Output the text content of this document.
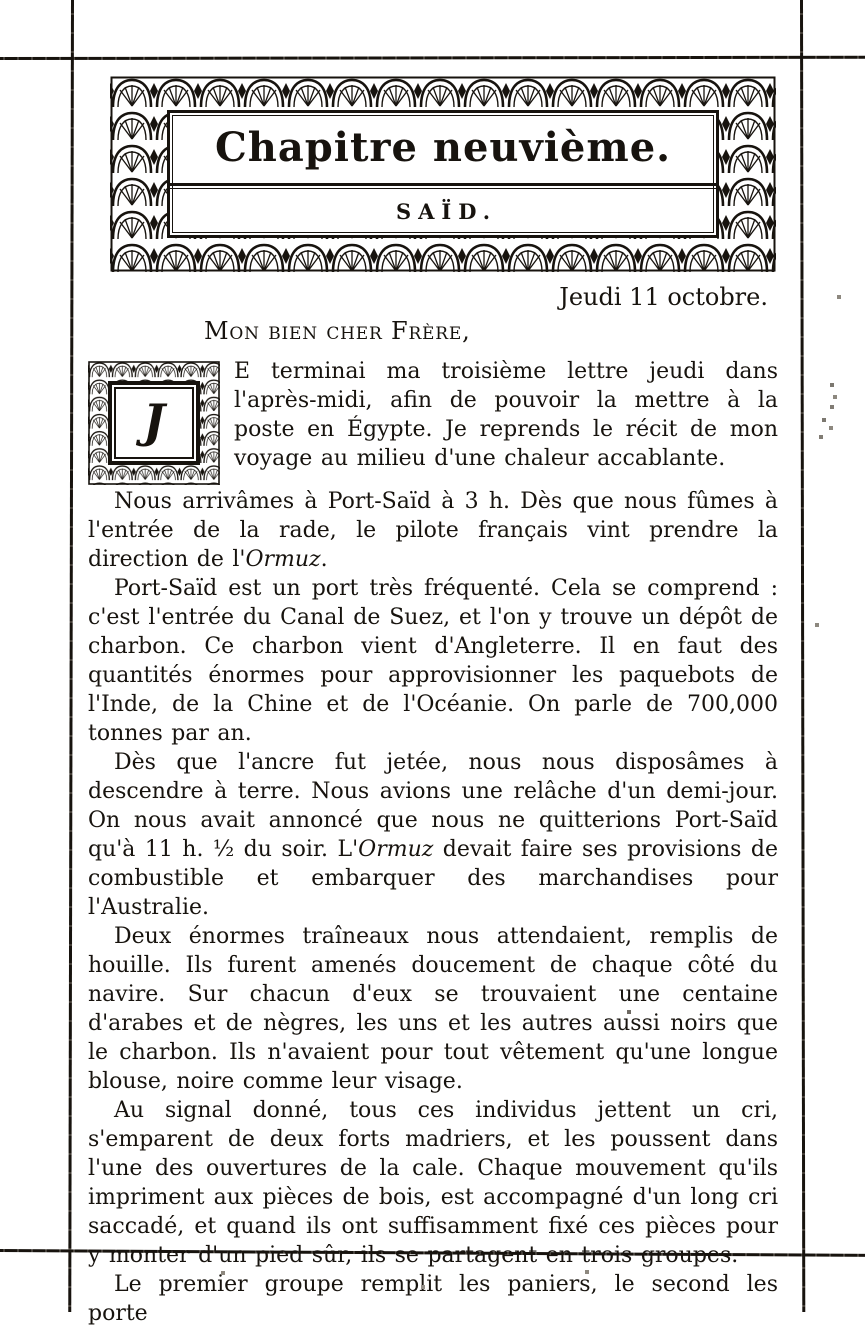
Chapitre neuvième.
SAÏD.
Jeudi 11 octobre.
Mon bien cher Frère,

J
E terminai ma troisième lettre jeudi dans l'après-midi, afin de pouvoir la mettre à la poste en Égypte. Je reprends le récit de mon voyage au milieu d'une chaleur accablante.

Nous arrivâmes à Port-Saïd à 3 h. Dès que nous fûmes à l'entrée de la rade, le pilote français vint prendre la direction de l'Ormuz.

Port-Saïd est un port très fréquenté. Cela se comprend : c'est l'entrée du Canal de Suez, et l'on y trouve un dépôt de charbon. Ce charbon vient d'Angleterre. Il en faut des quantités énormes pour approvisionner les paquebots de l'Inde, de la Chine et de l'Océanie. On parle de 700,000 tonnes par an.

Dès que l'ancre fut jetée, nous nous disposâmes à descendre à terre. Nous avions une relâche d'un demi-jour. On nous avait annoncé que nous ne quitterions Port-Saïd qu'à 11 h. ½ du soir. L'Ormuz devait faire ses provisions de combustible et embarquer des marchandises pour l'Australie.

Deux énormes traîneaux nous attendaient, remplis de houille. Ils furent amenés doucement de chaque côté du navire. Sur chacun d'eux se trouvaient une centaine d'arabes et de nègres, les uns et les autres aussi noirs que le charbon. Ils n'avaient pour tout vêtement qu'une longue blouse, noire comme leur visage.

Au signal donné, tous ces individus jettent un cri, s'emparent de deux forts madriers, et les poussent dans l'une des ouvertures de la cale. Chaque mouvement qu'ils impriment aux pièces de bois, est accompagné d'un long cri saccadé, et quand ils ont suffisamment fixé ces pièces pour y monter d'un pied sûr, ils se partagent en trois groupes.

Le premier groupe remplit les paniers, le second les porte
